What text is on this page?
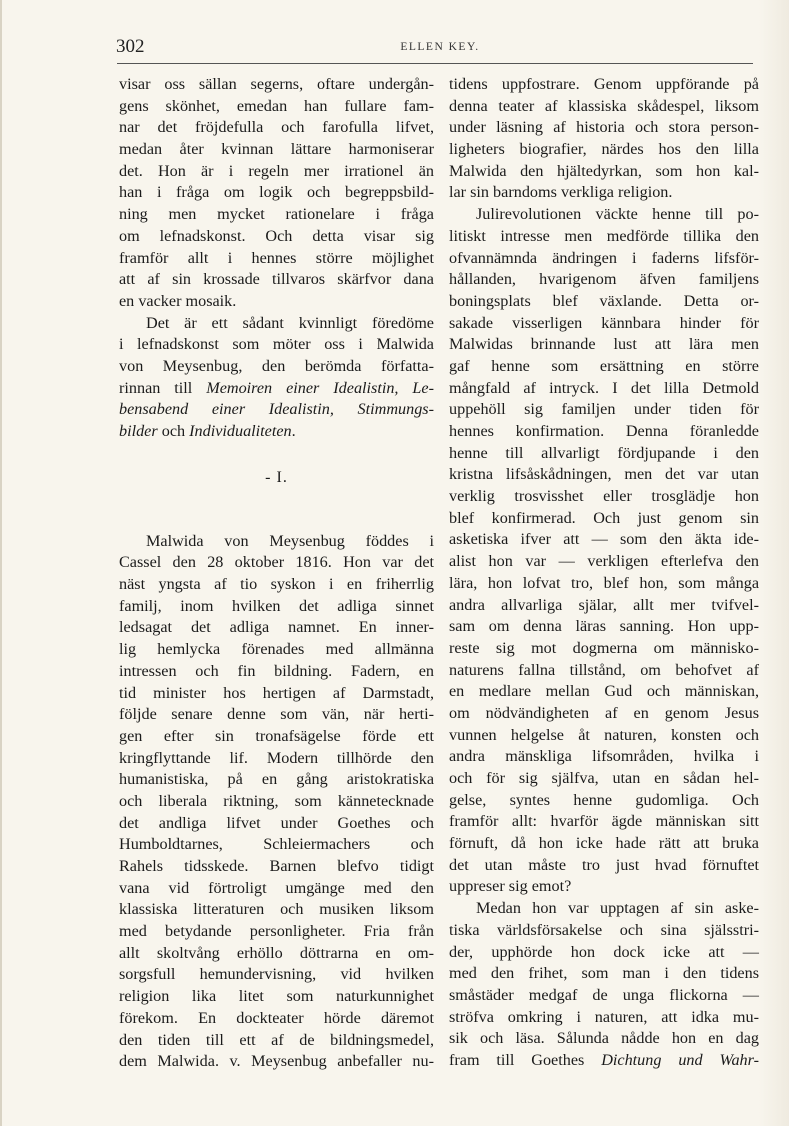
302	ELLEN KEY.

visar oss sällan segerns, oftare undergån-
gens skönhet, emedan han fullare fam-
nar det fröjdefulla och farofulla lifvet,
medan åter kvinnan lättare harmoniserar
det. Hon är i regeln mer irrationel än
han i fråga om logik och begreppsbild-
ning men mycket rationelare i fråga
om lefnadskonst. Och detta visar sig
framför allt i hennes större möjlighet
att af sin krossade tillvaros skärfvor dana
en vacker mosaik.

Det är ett sådant kvinnligt föredöme
i lefnadskonst som möter oss i Malwida
von Meysenbug, den berömda författa-
rinnan till Memoiren einer Idealistin, Le-
bensabend einer Idealistin, Stimmungs-
bilder och Individualiteten.

- I.

Malwida von Meysenbug föddes i
Cassel den 28 oktober 1816. Hon var det
näst yngsta af tio syskon i en friherrlig
familj, inom hvilken det adliga sinnet
ledsagat det adliga namnet. En inner-
lig hemlycka förenades med allmänna
intressen och fin bildning. Fadern, en
tid minister hos hertigen af Darmstadt,
följde senare denne som vän, när herti-
gen efter sin tronafsägelse förde ett
kringflyttande lif. Modern tillhörde den
humanistiska, på en gång aristokratiska
och liberala riktning, som kännetecknade
det andliga lifvet under Goethes och
Humboldtarnes, Schleiermachers och
Rahels tidsskede. Barnen blefvo tidigt
vana vid förtroligt umgänge med den
klassiska litteraturen och musiken liksom
med betydande personligheter. Fria från
allt skoltvång erhöllo döttrarna en om-
sorgsfull hemundervisning, vid hvilken
religion lika litet som naturkunnighet
förekom. En dockteater hörde däremot
den tiden till ett af de bildningsmedel,
dem Malwida. v. Meysenbug anbefaller nu-

tidens uppfostrare. Genom uppförande på
denna teater af klassiska skådespel, liksom
under läsning af historia och stora person-
ligheters biografier, närdes hos den lilla
Malwida den hjältedyrkan, som hon kal-
lar sin barndoms verkliga religion.

Julirevolutionen väckte henne till po-
litiskt intresse men medförde tillika den
ofvannämnda ändringen i faderns lifsför-
hållanden, hvarigenom äfven familjens
boningsplats blef växlande. Detta or-
sakade visserligen kännbara hinder för
Malwidas brinnande lust att lära men
gaf henne som ersättning en större
mångfald af intryck. I det lilla Detmold
uppehöll sig familjen under tiden för
hennes konfirmation. Denna föranledde
henne till allvarligt fördjupande i den
kristna lifsåskådningen, men det var utan
verklig trosvisshet eller trosglädje hon
blef konfirmerad. Och just genom sin
asketiska ifver att — som den äkta ide-
alist hon var — verkligen efterlefva den
lära, hon lofvat tro, blef hon, som många
andra allvarliga själar, allt mer tvifvel-
sam om denna läras sanning. Hon upp-
reste sig mot dogmerna om människo-
naturens fallna tillstånd, om behofvet af
en medlare mellan Gud och människan,
om nödvändigheten af en genom Jesus
vunnen helgelse åt naturen, konsten och
andra mänskliga lifsområden, hvilka i
och för sig själfva, utan en sådan hel-
gelse, syntes henne gudomliga. Och
framför allt: hvarför ägde människan sitt
förnuft, då hon icke hade rätt att bruka
det utan måste tro just hvad förnuftet
uppreser sig emot?

Medan hon var upptagen af sin aske-
tiska världsförsakelse och sina själsstri-
der, upphörde hon dock icke att —
med den frihet, som man i den tidens
småstäder medgaf de unga flickorna —
ströfva omkring i naturen, att idka mu-
sik och läsa. Sålunda nådde hon en dag
fram till Goethes Dichtung und Wahr-
